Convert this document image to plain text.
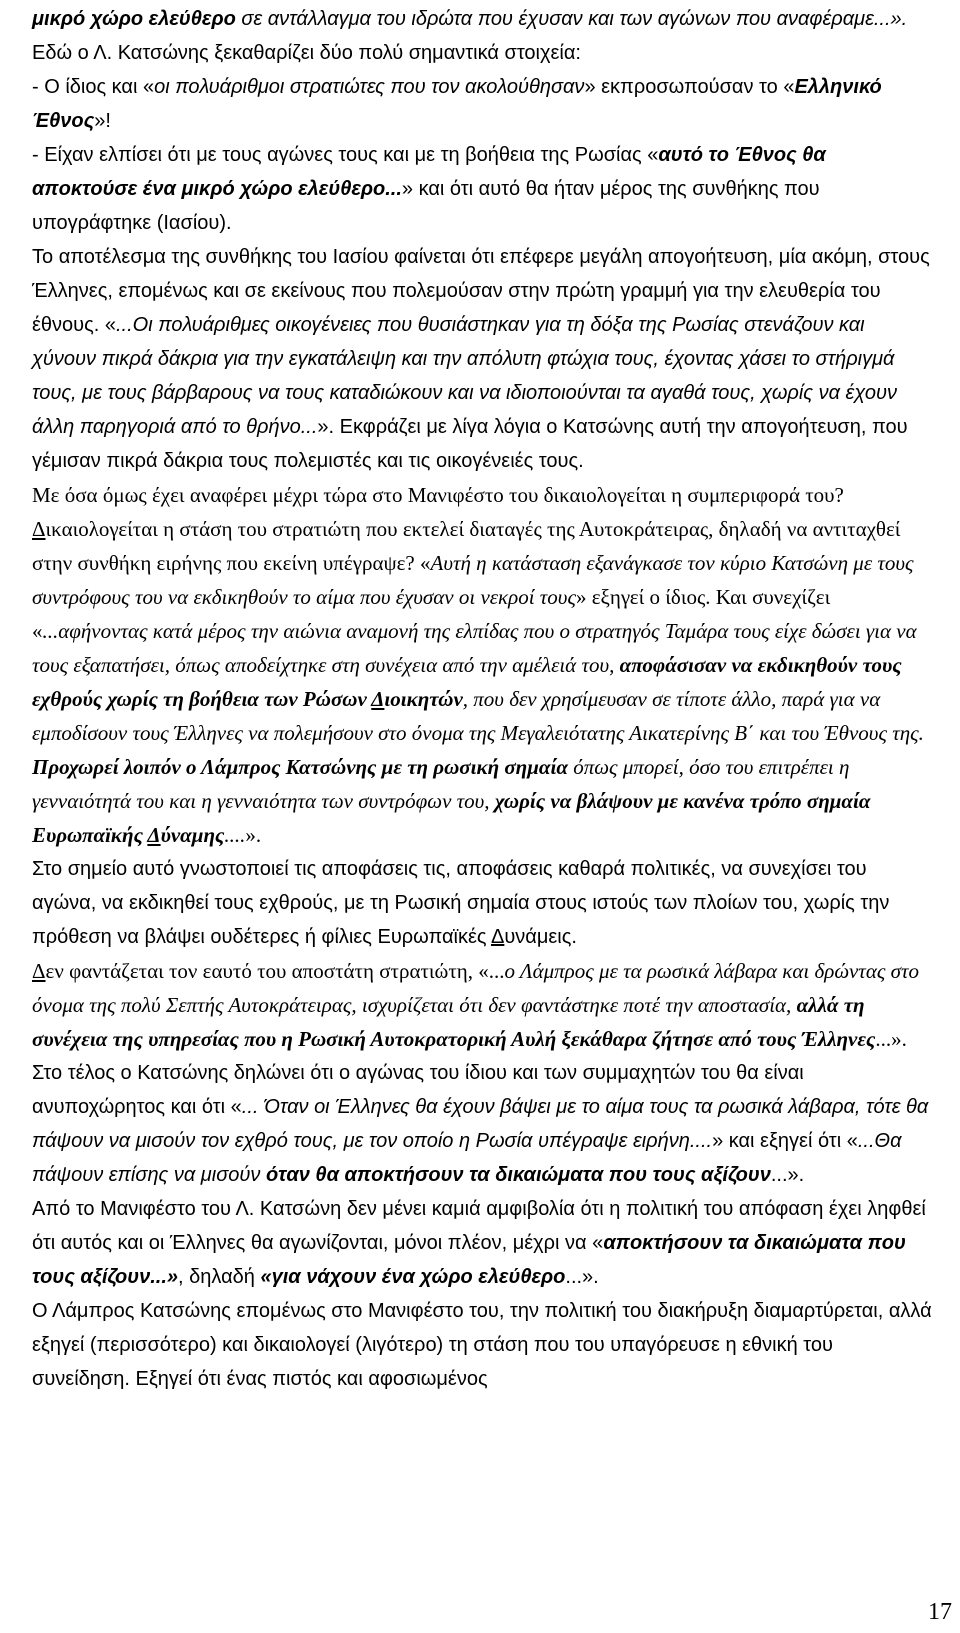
μικρό χώρο ελεύθερο σε αντάλλαγμα του ιδρώτα που έχυσαν και των αγώνων που αναφέραμε...».

Εδώ ο Λ. Κατσώνης ξεκαθαρίζει δύο πολύ σημαντικά στοιχεία:

- Ο ίδιος και «οι πολυάριθμοι στρατιώτες που τον ακολούθησαν» εκπροσωπούσαν το «Ελληνικό Έθνος»!

- Είχαν ελπίσει ότι με τους αγώνες τους και με τη βοήθεια της Ρωσίας «αυτό το Έθνος θα αποκτούσε ένα μικρό χώρο ελεύθερο...» και ότι αυτό θα ήταν μέρος της συνθήκης που υπογράφτηκε (Ιασίου).

Το αποτέλεσμα της συνθήκης του Ιασίου φαίνεται ότι επέφερε μεγάλη απογοήτευση, μία ακόμη, στους Έλληνες, επομένως και σε εκείνους που πολεμούσαν στην πρώτη γραμμή για την ελευθερία του έθνους. «...Οι πολυάριθμες οικογένειες που θυσιάστηκαν για τη δόξα της Ρωσίας στενάζουν και χύνουν πικρά δάκρια για την εγκατάλειψη και την απόλυτη φτώχια τους, έχοντας χάσει το στήριγμά τους, με τους βάρβαρους να τους καταδιώκουν και να ιδιοποιούνται τα αγαθά τους, χωρίς να έχουν άλλη παρηγοριά από το θρήνο...». Εκφράζει με λίγα λόγια ο Κατσώνης αυτή την απογοήτευση, που γέμισαν πικρά δάκρια τους πολεμιστές και τις οικογένειές τους.

Με όσα όμως έχει αναφέρει μέχρι τώρα στο Μανιφέστο του δικαιολογείται η συμπεριφορά του? Δικαιολογείται η στάση του στρατιώτη που εκτελεί διαταγές της Αυτοκράτειρας, δηλαδή να αντιταχθεί στην συνθήκη ειρήνης που εκείνη υπέγραψε? «Αυτή η κατάσταση εξανάγκασε τον κύριο Κατσώνη με τους συντρόφους του να εκδικηθούν το αίμα που έχυσαν οι νεκροί τους» εξηγεί ο ίδιος. Και συνεχίζει «...αφήνοντας κατά μέρος την αιώνια αναμονή της ελπίδας που ο στρατηγός Ταμάρα τους είχε δώσει για να τους εξαπατήσει, όπως αποδείχτηκε στη συνέχεια από την αμέλειά του, αποφάσισαν να εκδικηθούν τους εχθρούς χωρίς τη βοήθεια των Ρώσων Διοικητών, που δεν χρησίμευσαν σε τίποτε άλλο, παρά για να εμποδίσουν τους Έλληνες να πολεμήσουν στο όνομα της Μεγαλειότατης Αικατερίνης Β΄ και του Έθνους της. Προχωρεί λοιπόν ο Λάμπρος Κατσώνης με τη ρωσική σημαία όπως μπορεί, όσο του επιτρέπει η γενναιότητά του και η γενναιότητα των συντρόφων του, χωρίς να βλάψουν με κανένα τρόπο σημαία Ευρωπαϊκής Δύναμης....».

Στο σημείο αυτό γνωστοποιεί τις αποφάσεις τις, αποφάσεις καθαρά πολιτικές, να συνεχίσει του αγώνα, να εκδικηθεί τους εχθρούς, με τη Ρωσική σημαία στους ιστούς των πλοίων του, χωρίς την πρόθεση να βλάψει ουδέτερες ή φίλιες Ευρωπαϊκές Δυνάμεις.

Δεν φαντάζεται τον εαυτό του αποστάτη στρατιώτη, «...ο Λάμπρος με τα ρωσικά λάβαρα και δρώντας στο όνομα της πολύ Σεπτής Αυτοκράτειρας, ισχυρίζεται ότι δεν φαντάστηκε ποτέ την αποστασία, αλλά τη συνέχεια της υπηρεσίας που η Ρωσική Αυτοκρατορική Αυλή ξεκάθαρα ζήτησε από τους Έλληνες...».

Στο τέλος ο Κατσώνης δηλώνει ότι ο αγώνας του ίδιου και των συμμαχητών του θα είναι ανυποχώρητος και ότι «... Όταν οι Έλληνες θα έχουν βάψει με το αίμα τους τα ρωσικά λάβαρα, τότε θα πάψουν να μισούν τον εχθρό τους, με τον οποίο η Ρωσία υπέγραψε ειρήνη....» και εξηγεί ότι «...Θα πάψουν επίσης να μισούν όταν θα αποκτήσουν τα δικαιώματα που τους αξίζουν...».

Από το Μανιφέστο του Λ. Κατσώνη δεν μένει καμιά αμφιβολία ότι η πολιτική του απόφαση έχει ληφθεί ότι αυτός και οι Έλληνες θα αγωνίζονται, μόνοι πλέον, μέχρι να «αποκτήσουν τα δικαιώματα που τους αξίζουν...», δηλαδή «για νάχουν ένα χώρο ελεύθερο...».

Ο Λάμπρος Κατσώνης επομένως στο Μανιφέστο του, την πολιτική του διακήρυξη διαμαρτύρεται, αλλά εξηγεί (περισσότερο) και δικαιολογεί (λιγότερο) τη στάση που του υπαγόρευσε η εθνική του συνείδηση. Εξηγεί ότι ένας πιστός και αφοσιωμένος

17
